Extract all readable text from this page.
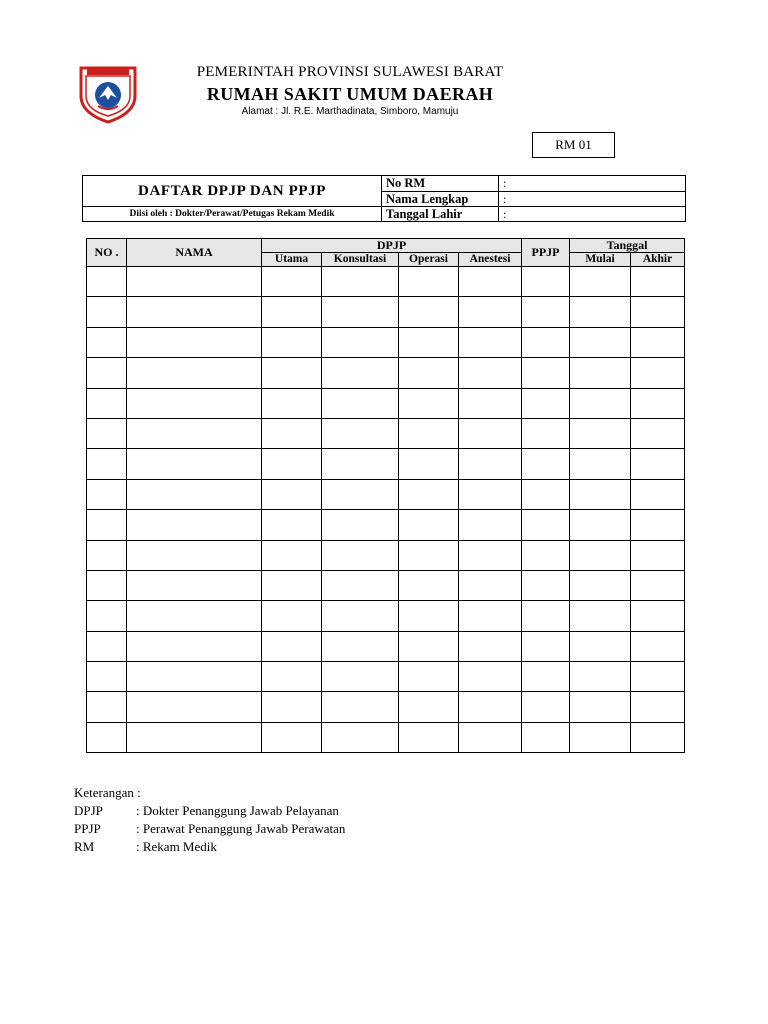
PEMERINTAH PROVINSI SULAWESI BARAT
RUMAH SAKIT UMUM DAERAH
Alamat : Jl. R.E. Marthadinata, Simboro, Mamuju
RM 01
DAFTAR DPJP DAN PPJP	No RM	:
	Nama Lengkap	:
Diisi oleh : Dokter/Perawat/Petugas Rekam Medik	Tanggal Lahir	:
NO .	NAMA	DPJP				PPJP	Tanggal	
		Utama	Konsultasi	Operasi	Anestesi		Mulai	Akhir

Keterangan :
DPJP	: Dokter Penanggung Jawab Pelayanan
PPJP	: Perawat Penanggung Jawab Perawatan
RM	: Rekam Medik
